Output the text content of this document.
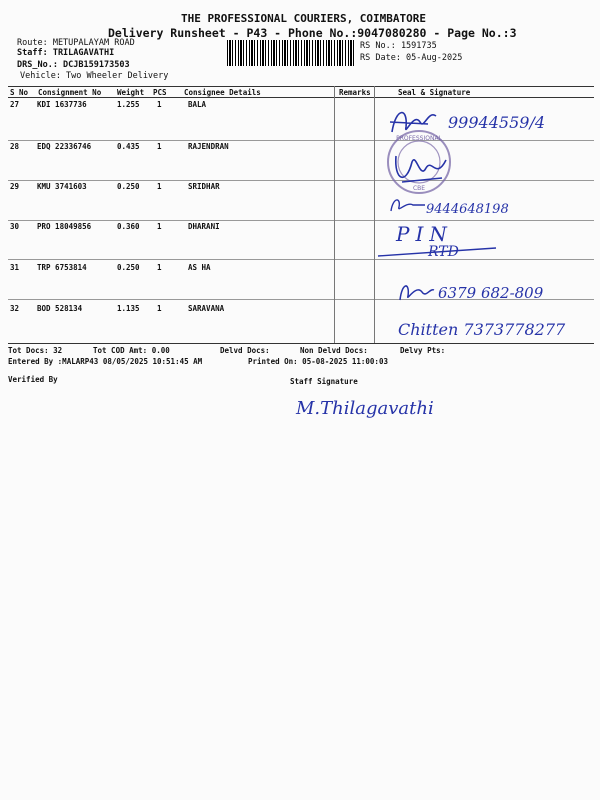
THE PROFESSIONAL COURIERS, COIMBATORE
Delivery Runsheet - P43 - Phone No.:9047080280 - Page No.:3
Route: METUPALAYAM ROAD
Staff: TRILAGAVATHI
DRS_No.: DCJB159173503
Vehicle: Two Wheeler Delivery
RS No.: 1591735
RS Date: 05-Aug-2025
S No Consignment No Weight PCS Consignee Details	Remarks	Seal & Signature
27 KDI 1637736	1.255 1	BALA
28 EDQ 22336746	0.435 1	RAJENDRAN
29 KMU 3741603	0.250 1	SRIDHAR
30 PRO 18049856	0.360 1	DHARANI
31 TRP 6753814	0.250 1	AS HA
32 BOD 528134	1.135 1	SARAVANA
PROFESSIONAL
CBE
99944559/4
9444648198
PIN
RTD
6379 682-809
Chitten 7373778277
Tot Docs: 32	Tot COD Amt: 0.00	Delvd Docs:	Non Delvd Docs:	Delvy Pts:
Entered By :MALARP43 08/05/2025 10:51:45 AM	Printed On: 05-08-2025 11:00:03
Verified By	Staff Signature
M.Thilagavathi
